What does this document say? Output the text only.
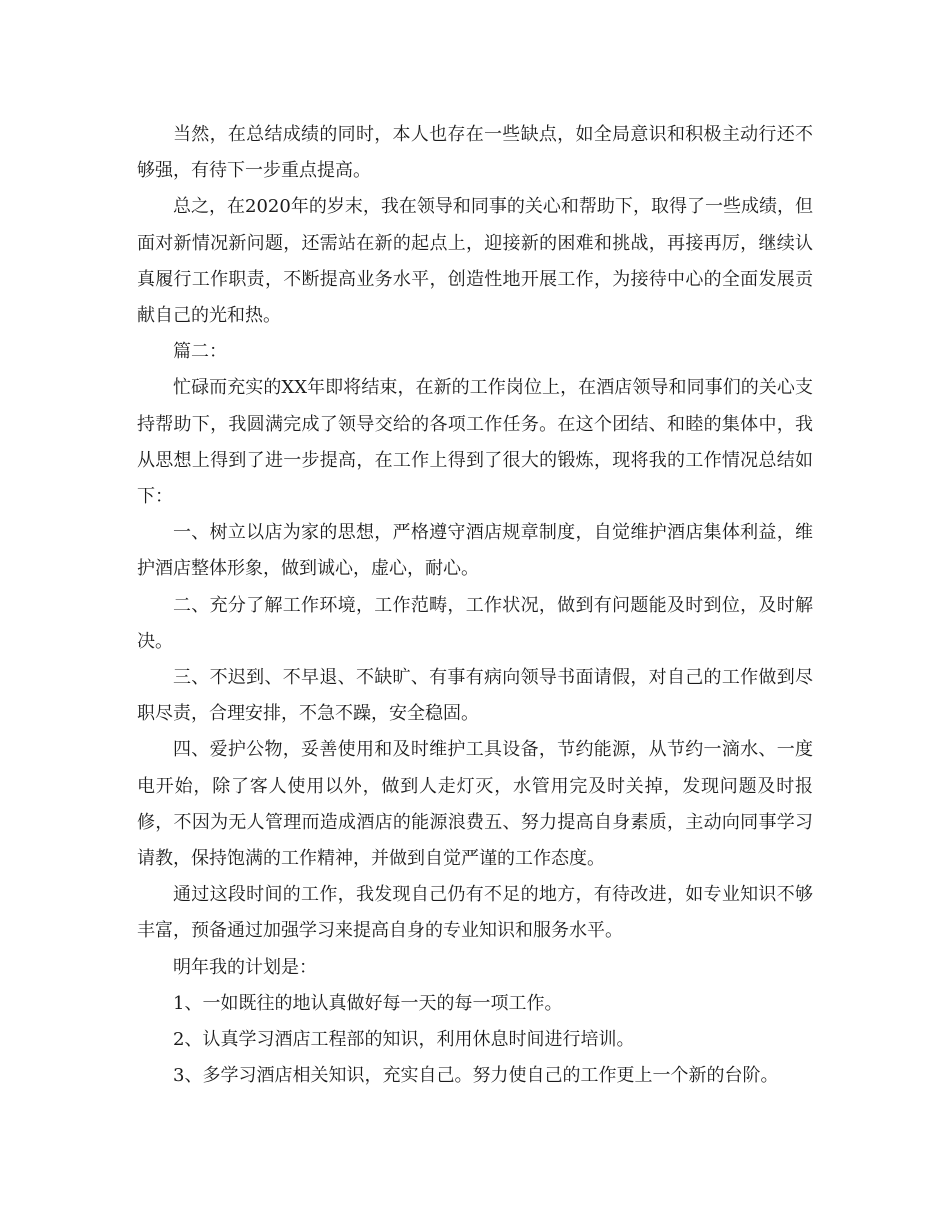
当然，在总结成绩的同时，本人也存在一些缺点，如全局意识和积极主动行还不够强，有待下一步重点提高。

总之，在2020年的岁末，我在领导和同事的关心和帮助下，取得了一些成绩，但面对新情况新问题，还需站在新的起点上，迎接新的困难和挑战，再接再厉，继续认真履行工作职责，不断提高业务水平，创造性地开展工作，为接待中心的全面发展贡献自己的光和热。

篇二：

忙碌而充实的XX年即将结束，在新的工作岗位上，在酒店领导和同事们的关心支持帮助下，我圆满完成了领导交给的各项工作任务。在这个团结、和睦的集体中，我从思想上得到了进一步提高，在工作上得到了很大的锻炼，现将我的工作情况总结如下：

一、树立以店为家的思想，严格遵守酒店规章制度，自觉维护酒店集体利益，维护酒店整体形象，做到诚心，虚心，耐心。

二、充分了解工作环境，工作范畴，工作状况，做到有问题能及时到位，及时解决。

三、不迟到、不早退、不缺旷、有事有病向领导书面请假，对自己的工作做到尽职尽责，合理安排，不急不躁，安全稳固。

四、爱护公物，妥善使用和及时维护工具设备，节约能源，从节约一滴水、一度电开始，除了客人使用以外，做到人走灯灭，水管用完及时关掉，发现问题及时报修，不因为无人管理而造成酒店的能源浪费五、努力提高自身素质，主动向同事学习请教，保持饱满的工作精神，并做到自觉严谨的工作态度。

通过这段时间的工作，我发现自己仍有不足的地方，有待改进，如专业知识不够丰富，预备通过加强学习来提高自身的专业知识和服务水平。

明年我的计划是：

1、一如既往的地认真做好每一天的每一项工作。

2、认真学习酒店工程部的知识，利用休息时间进行培训。

3、多学习酒店相关知识，充实自己。努力使自己的工作更上一个新的台阶。
